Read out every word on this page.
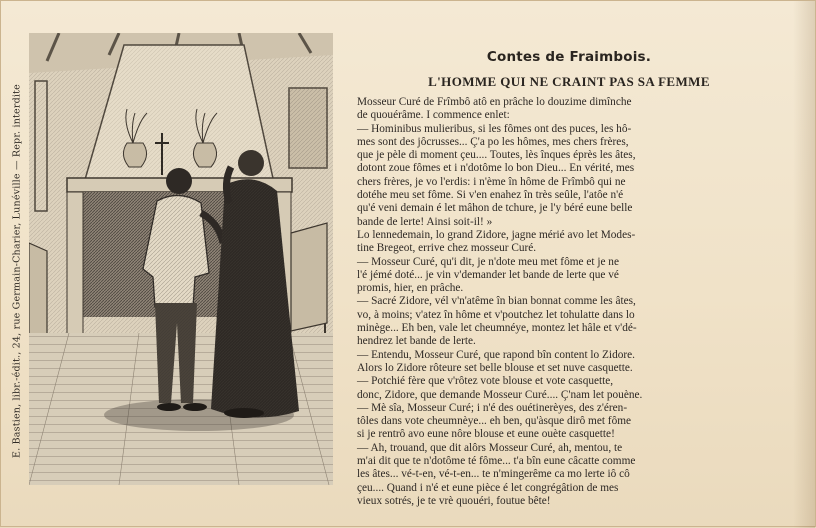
E. Bastien, libr.-édit., 24, rue Germain-Charier, Lunéville — Repr. interdite
Contes de Fraimbois.
L'HOMME QUI NE CRAINT PAS SA FEMME

Mosseur Curé de Frîmbô atô en prâche lo douzime dimînche

de quouérâme. I commence enlet:

— Hominibus mulieribus, si les fômes ont des puces, les hô-

mes sont des jôcrusses... Ç'a po les hômes, mes chers frères,

que je pèle di moment çeu.... Toutes, lès înques éprès les âtes,

dotont zoue fômes et i n'dotôme lo bon Dieu... En vérité, mes

chers frères, je vo l'erdis: i n'ème în hôme de Frîmbô qui ne

dotéhe meu set fôme. Si v'en enahez în très seûle, l'atôe n'é

qu'é veni demain é let mâhon de tchure, je l'y béré eune belle

bande de lerte! Ainsi soit-il! »

Lo lennedemain, lo grand Zidore, jagne mérié avo let Modes-

tine Bregeot, errive chez mosseur Curé.

— Mosseur Curé, qu'i dit, je n'dote meu met fôme et je ne

l'é jémé doté... je vin v'demander let bande de lerte que vé

promis, hier, en prâche.

— Sacré Zidore, vél v'n'atême în bian bonnat comme les âtes,

vo, à moins; v'atez în hôme et v'poutchez let tohulatte dans lo

minège... Eh ben, vale let cheumnéye, montez let hâle et v'dé-

hendrez let bande de lerte.

— Entendu, Mosseur Curé, que rapond bîn content lo Zidore.

Alors lo Zidore rôteure set belle blouse et set nuve casquette.

— Potchié fère que v'rôtez vote blouse et vote casquette,

donc, Zidore, que demande Mosseur Curé.... Ç'nam let pouène.

— Mè sîa, Mosseur Curé; i n'é des ouétinerèyes, des z'éren-

tôles dans vote cheumnèye... eh ben, qu'àsque dirô met fôme

si je rentrô avo eune nôre blouse et eune ouète casquette!

— Ah, trouand, que dit alôrs Mosseur Curé, ah, mentou, te

m'ai dit que te n'dotôme té fôme... t'a bîn eune câcatte comme

les âtes... vé-t-en, vé-t-en... te n'mingerême ca mo lerte iô cô

çeu.... Quand i n'é et eune pièce é let congrégâtion de mes

vieux sotrés, je te vrè quouéri, foutue bête!
